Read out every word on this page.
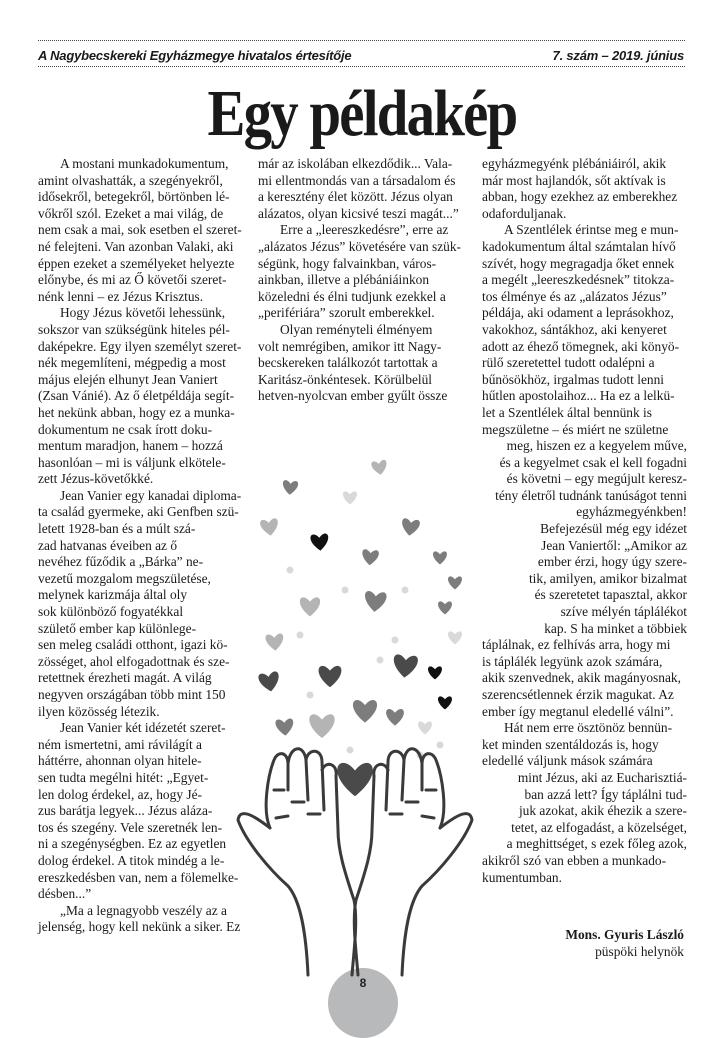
A Nagybecskereki Egyházmegye hivatalos értesítője	7. szám – 2019. június
Egy példakép

A mostani munkadokumentum,
amint olvashatták, a szegényekről,
idősekről, betegekről, börtönben lé-
vőkről szól. Ezeket a mai világ, de
nem csak a mai, sok esetben el szeret-
né felejteni. Van azonban Valaki, aki
éppen ezeket a személyeket helyezte
előnybe, és mi az Ő követői szeret-
nénk lenni – ez Jézus Krisztus.

Hogy Jézus követői lehessünk,
sokszor van szükségünk hiteles pél-
daképekre. Egy ilyen személyt szeret-
nék megemlíteni, mégpedig a most
május elején elhunyt Jean Vaniert
(Zsan Vánié). Az ő életpéldája segít-
het nekünk abban, hogy ez a munka-
dokumentum ne csak írott doku-
mentum maradjon, hanem – hozzá
hasonlóan – mi is váljunk elkötele-
zett Jézus-követőkké.

Jean Vanier egy kanadai diploma-
ta család gyermeke, aki Genfben szü-
letett 1928-ban és a múlt szá-
zad hatvanas éveiben az ő
nevéhez fűződik a „Bárka” ne-
vezetű mozgalom megszületése,
melynek karizmája által oly
sok különböző fogyatékkal
születő ember kap különlege-
sen meleg családi otthont, igazi kö-
zösséget, ahol elfogadottnak és sze-
retettnek érezheti magát. A világ
negyven országában több mint 150
ilyen közösség létezik.

Jean Vanier két idézetét szeret-
ném ismertetni, ami rávilágít a
háttérre, ahonnan olyan hitele-
sen tudta megélni hitét: „Egyet-
len dolog érdekel, az, hogy Jé-
zus barátja legyek... Jézus aláza-
tos és szegény. Vele szeretnék len-
ni a szegénységben. Ez az egyetlen
dolog érdekel. A titok mindég a le-
ereszkedésben van, nem a fölemelke-
désben...”

„Ma a legnagyobb veszély az a
jelenség, hogy kell nekünk a siker. Ez

már az iskolában elkezdődik... Vala-
mi ellentmondás van a társadalom és
a keresztény élet között. Jézus olyan
alázatos, olyan kicsivé teszi magát...”

Erre a „leereszkedésre”, erre az
„alázatos Jézus” követésére van szük-
ségünk, hogy falvainkban, város-
ainkban, illetve a plébániáinkon
közeledni és élni tudjunk ezekkel a
„perifériára” szorult emberekkel.

Olyan reményteli élményem
volt nemrégiben, amikor itt Nagy-
becskereken találkozót tartottak a
Karitász-önkéntesek. Körülbelül
hetven-nyolcvan ember gyűlt össze

egyházmegyénk plébániáiról, akik
már most hajlandók, sőt aktívak is
abban, hogy ezekhez az emberekhez
odaforduljanak.

A Szentlélek érintse meg e mun-
kadokumentum által számtalan hívő
szívét, hogy megragadja őket ennek
a megélt „leereszkedésnek” titokza-
tos élménye és az „alázatos Jézus”
példája, aki odament a leprásokhoz,
vakokhoz, sántákhoz, aki kenyeret
adott az éhező tömegnek, aki könyö-
rülő szeretettel tudott odalépni a
bűnösökhöz, irgalmas tudott lenni
hűtlen apostolaihoz... Ha ez a lelkü-
let a Szentlélek által bennünk is
megszületne – és miért ne születne
meg, hiszen ez a kegyelem műve,
és a kegyelmet csak el kell fogadni
és követni – egy megújult keresz-
tény életről tudnánk tanúságot tenni
egyházmegyénkben!

Befejezésül még egy idézet
Jean Vaniertől: „Amikor az
ember érzi, hogy úgy szere-
tik, amilyen, amikor bizalmat
és szeretetet tapasztal, akkor
szíve mélyén táplálékot
kap. S ha minket a többiek
táplálnak, ez felhívás arra, hogy mi
is táplálék legyünk azok számára,
akik szenvednek, akik magányosnak,
szerencsétlennek érzik magukat. Az
ember így megtanul eledellé válni”.

Hát nem erre ösztönöz bennün-
ket minden szentáldozás is, hogy
eledellé váljunk mások számára
mint Jézus, aki az Eucharisztiá-
ban azzá lett? Így táplálni tud-
juk azokat, akik éhezik a szere-
tetet, az elfogadást, a közelséget,
a meghittséget, s ezek főleg azok,
akikről szó van ebben a munkado-
kumentumban.

Mons. Gyuris László
püspöki helynök
8
